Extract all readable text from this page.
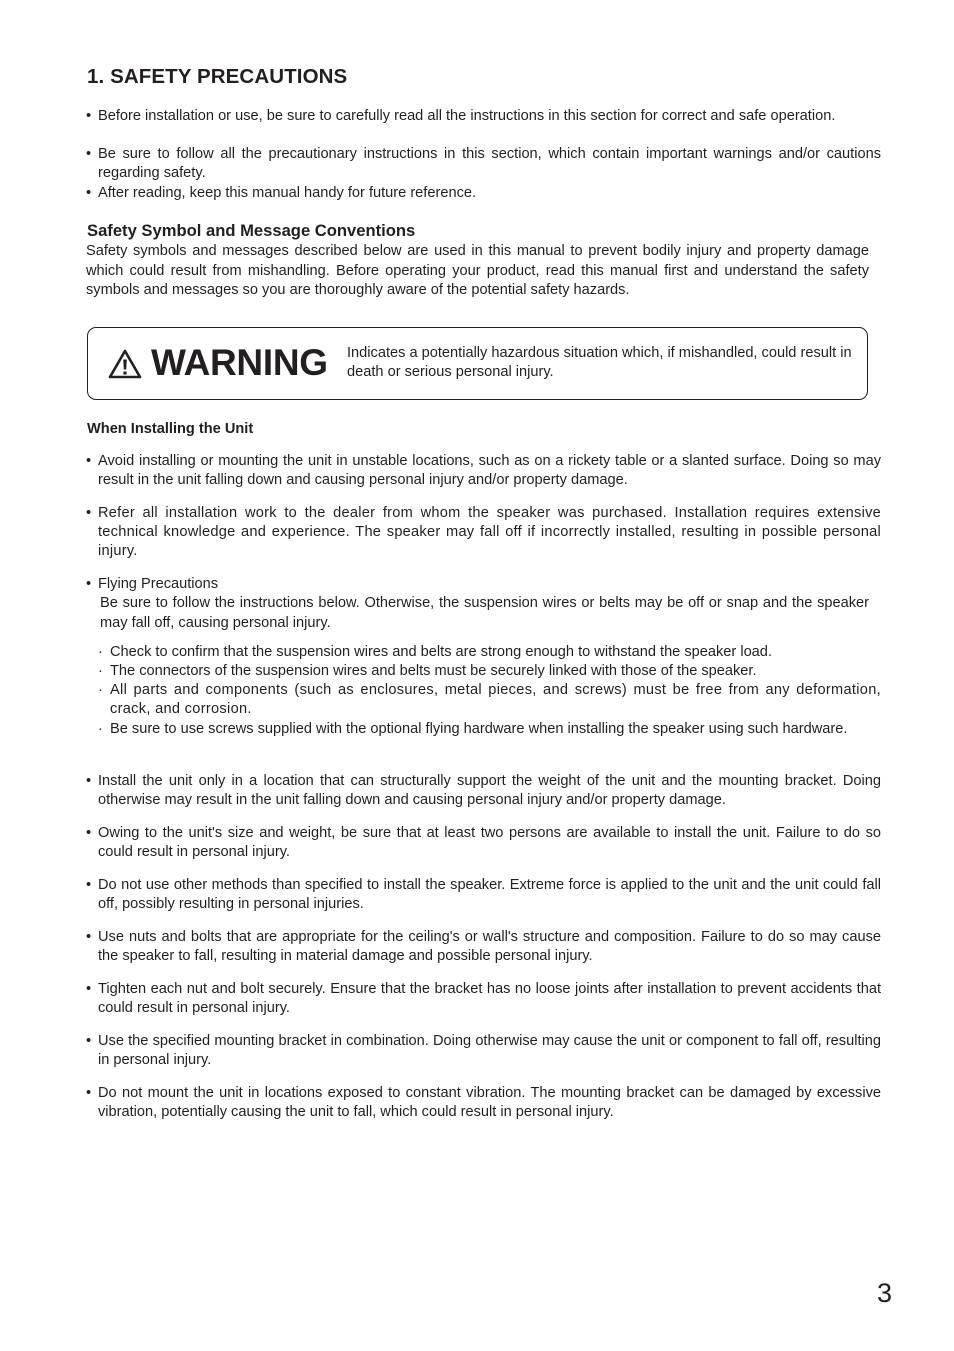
1. SAFETY PRECAUTIONS
• Before installation or use, be sure to carefully read all the instructions in this section for correct and safe operation.
• Be sure to follow all the precautionary instructions in this section, which contain important warnings and/or cautions regarding safety.
• After reading, keep this manual handy for future reference.
Safety Symbol and Message Conventions
Safety symbols and messages described below are used in this manual to prevent bodily injury and property damage which could result from mishandling. Before operating your product, read this manual first and understand the safety symbols and messages so you are thoroughly aware of the potential safety hazards.
WARNING Indicates a potentially hazardous situation which, if mishandled, could result in death or serious personal injury.
When Installing the Unit
• Avoid installing or mounting the unit in unstable locations, such as on a rickety table or a slanted surface. Doing so may result in the unit falling down and causing personal injury and/or property damage.
• Refer all installation work to the dealer from whom the speaker was purchased. Installation requires extensive technical knowledge and experience. The speaker may fall off if incorrectly installed, resulting in possible personal injury.
• Flying Precautions
Be sure to follow the instructions below. Otherwise, the suspension wires or belts may be off or snap and the speaker may fall off, causing personal injury.
· Check to confirm that the suspension wires and belts are strong enough to withstand the speaker load.
· The connectors of the suspension wires and belts must be securely linked with those of the speaker.
· All parts and components (such as enclosures, metal pieces, and screws) must be free from any deformation, crack, and corrosion.
· Be sure to use screws supplied with the optional flying hardware when installing the speaker using such hardware.
• Install the unit only in a location that can structurally support the weight of the unit and the mounting bracket. Doing otherwise may result in the unit falling down and causing personal injury and/or property damage.
• Owing to the unit's size and weight, be sure that at least two persons are available to install the unit. Failure to do so could result in personal injury.
• Do not use other methods than specified to install the speaker. Extreme force is applied to the unit and the unit could fall off, possibly resulting in personal injuries.
• Use nuts and bolts that are appropriate for the ceiling's or wall's structure and composition. Failure to do so may cause the speaker to fall, resulting in material damage and possible personal injury.
• Tighten each nut and bolt securely. Ensure that the bracket has no loose joints after installation to prevent accidents that could result in personal injury.
• Use the specified mounting bracket in combination. Doing otherwise may cause the unit or component to fall off, resulting in personal injury.
• Do not mount the unit in locations exposed to constant vibration. The mounting bracket can be damaged by excessive vibration, potentially causing the unit to fall, which could result in personal injury.
3
